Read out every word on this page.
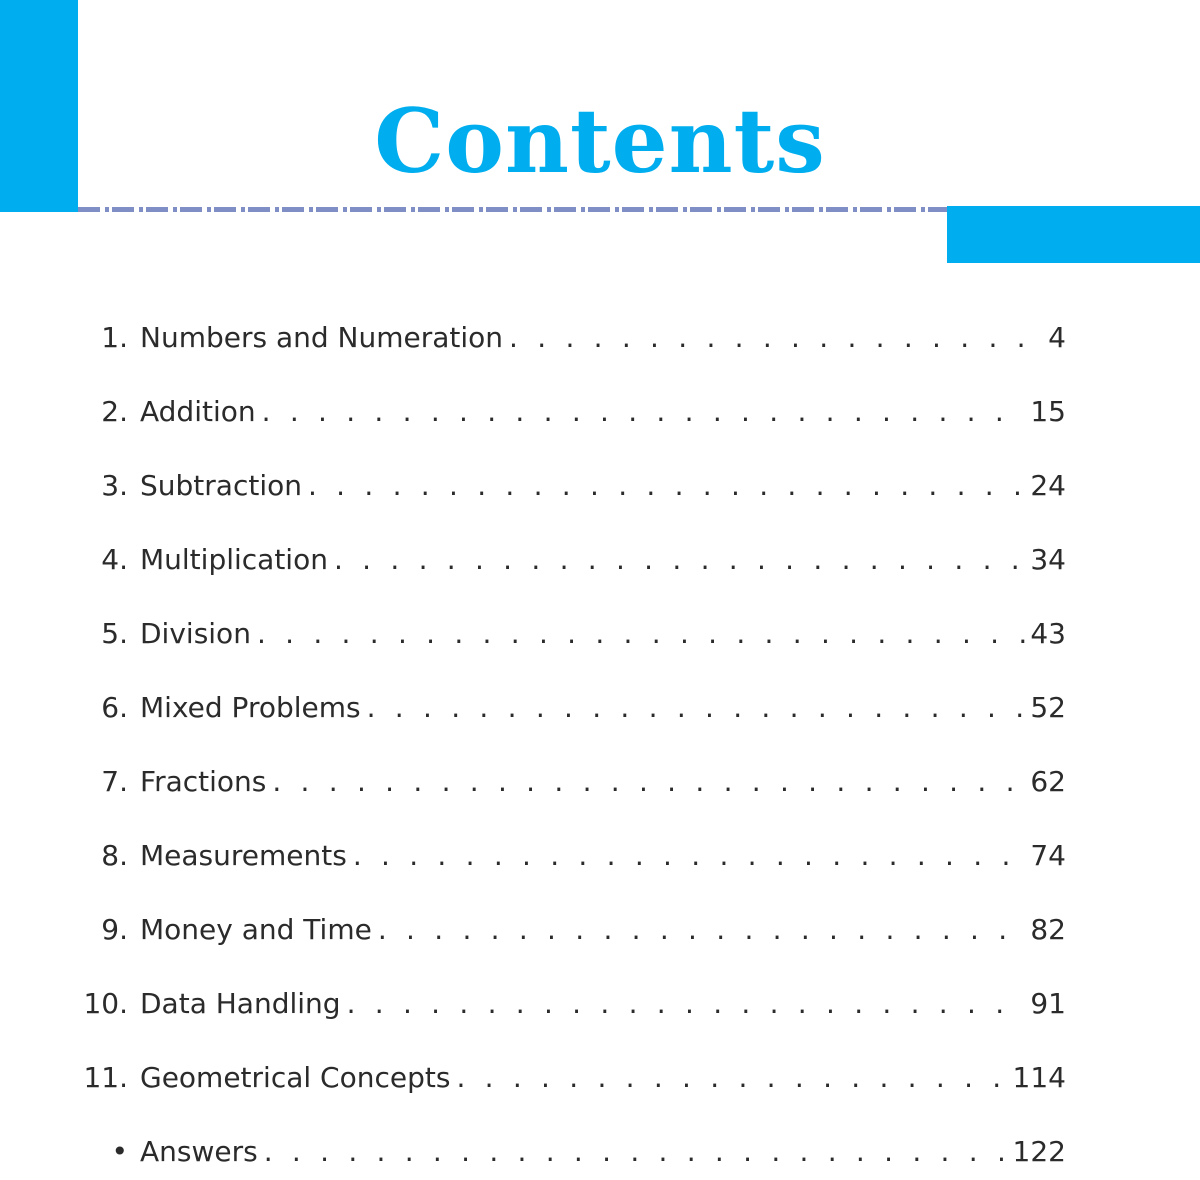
Contents
1. Numbers and Numeration . . .	4
2. Addition . . .	15
3. Subtraction . . .	24
4. Multiplication . . .	34
5. Division . . .	43
6. Mixed Problems . . .	52
7. Fractions . . .	62
8. Measurements . . .	74
9. Money and Time . . .	82
10. Data Handling . . .	91
11. Geometrical Concepts . . .	114
• Answers . . .	122
